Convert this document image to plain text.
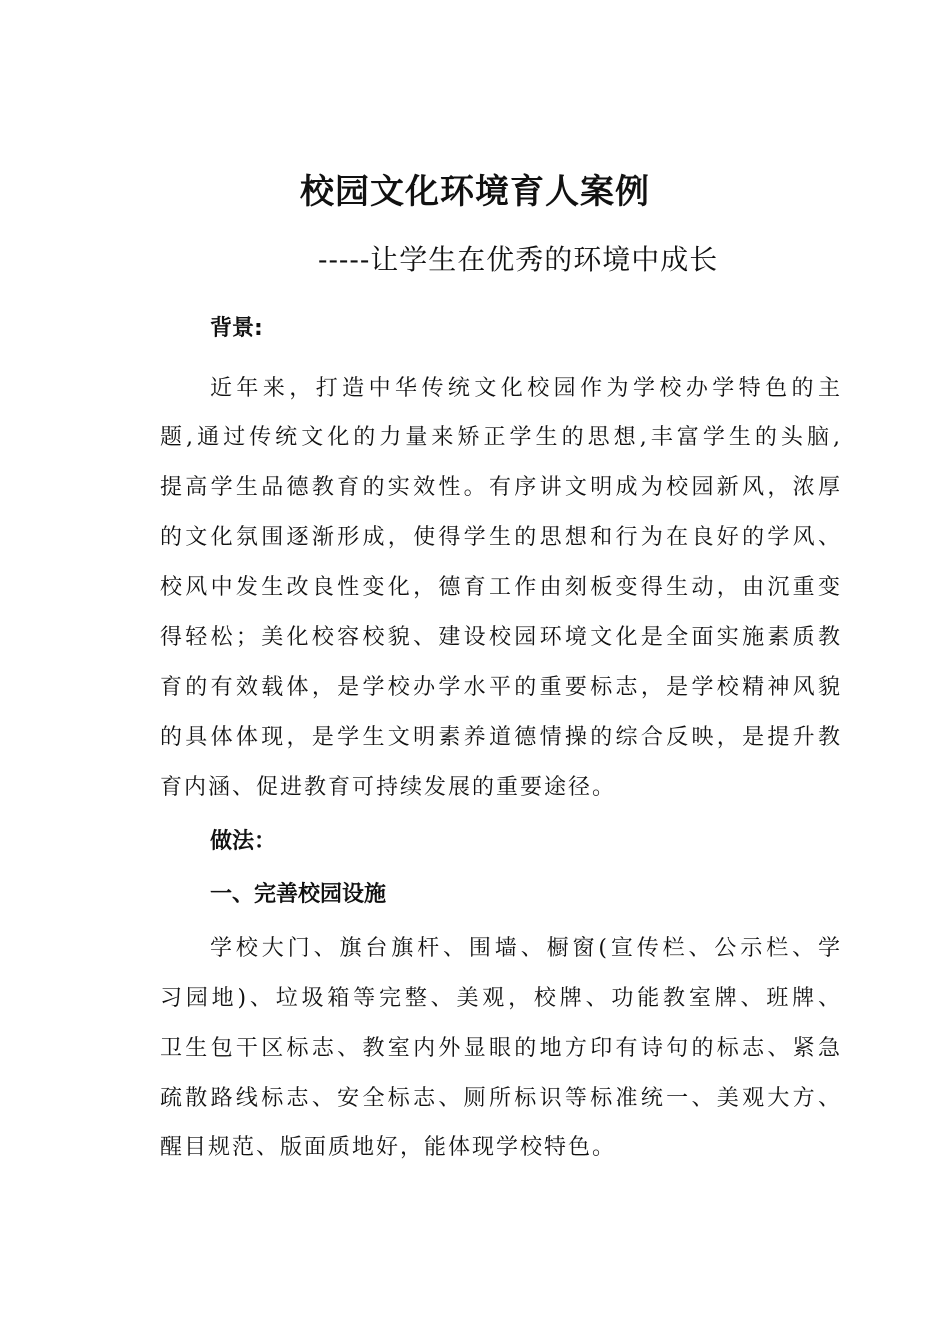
校园文化环境育人案例
-----让学生在优秀的环境中成长
背景:
近年来，打造中华传统文化校园作为学校办学特色的主
题,通过传统文化的力量来矫正学生的思想,丰富学生的头脑,
提高学生品德教育的实效性。有序讲文明成为校园新风，浓厚
的文化氛围逐渐形成，使得学生的思想和行为在良好的学风、
校风中发生改良性变化，德育工作由刻板变得生动，由沉重变
得轻松；美化校容校貌、建设校园环境文化是全面实施素质教
育的有效载体，是学校办学水平的重要标志，是学校精神风貌
的具体体现，是学生文明素养道德情操的综合反映，是提升教
育内涵、促进教育可持续发展的重要途径。
做法：
一、完善校园设施
学校大门、旗台旗杆、围墙、橱窗(宣传栏、公示栏、学
习园地)、垃圾箱等完整、美观，校牌、功能教室牌、班牌、
卫生包干区标志、教室内外显眼的地方印有诗句的标志、紧急
疏散路线标志、安全标志、厕所标识等标准统一、美观大方、
醒目规范、版面质地好，能体现学校特色。
